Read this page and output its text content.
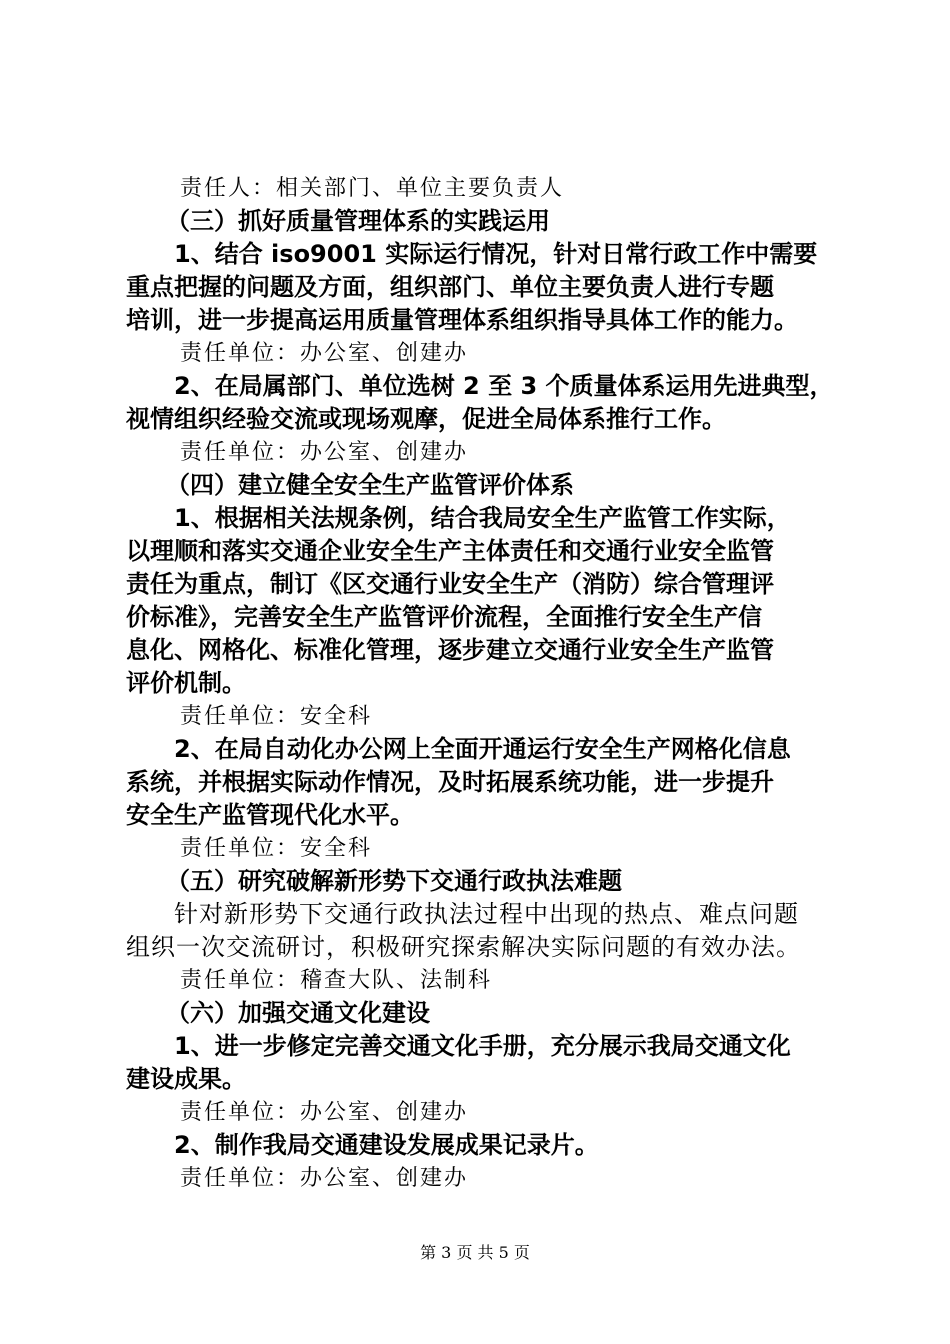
责任人：相关部门、单位主要负责人
（三）抓好质量管理体系的实践运用
1、结合 iso9001 实际运行情况，针对日常行政工作中需要
重点把握的问题及方面，组织部门、单位主要负责人进行专题
培训，进一步提高运用质量管理体系组织指导具体工作的能力。
责任单位：办公室、创建办
2、在局属部门、单位选树 2 至 3 个质量体系运用先进典型，
视情组织经验交流或现场观摩，促进全局体系推行工作。
责任单位：办公室、创建办
（四）建立健全安全生产监管评价体系
1、根据相关法规条例，结合我局安全生产监管工作实际，
以理顺和落实交通企业安全生产主体责任和交通行业安全监管
责任为重点，制订《区交通行业安全生产（消防）综合管理评
价标准》，完善安全生产监管评价流程，全面推行安全生产信
息化、网格化、标准化管理，逐步建立交通行业安全生产监管
评价机制。
责任单位：安全科
2、在局自动化办公网上全面开通运行安全生产网格化信息
系统，并根据实际动作情况，及时拓展系统功能，进一步提升
安全生产监管现代化水平。
责任单位：安全科
（五）研究破解新形势下交通行政执法难题
针对新形势下交通行政执法过程中出现的热点、难点问题
组织一次交流研讨，积极研究探索解决实际问题的有效办法。
责任单位：稽查大队、法制科
（六）加强交通文化建设
1、进一步修定完善交通文化手册，充分展示我局交通文化
建设成果。
责任单位：办公室、创建办
2、制作我局交通建设发展成果记录片。
责任单位：办公室、创建办
第 3 页 共 5 页
